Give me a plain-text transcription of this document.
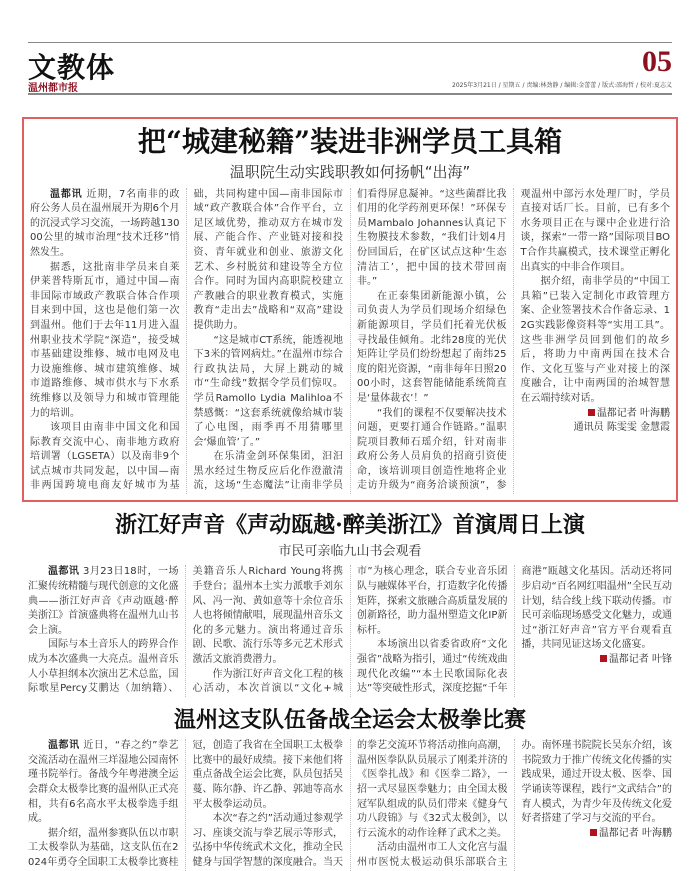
文教体
温州都市报
05
2025年3月21日 / 星期五 / 责编:林劲静 / 编辑:金蕾蕾 / 版式:邵海哲 / 校对:夏志义
把“城建秘籍”装进非洲学员工具箱
温职院生动实践职教如何扬帆“出海”

温都讯 近期，7名南非的政府公务人员在温州展开为期6个月的沉浸式学习交流，一场跨越13000公里的城市治理“技术迁移”悄然发生。

据悉，这批南非学员来自莱伊莱普特斯瓦市，通过中国—南非国际市域政产教联合体合作项目来到中国，这也是他们第一次到温州。他们于去年11月进入温州职业技术学院“深造”，接受城市基础建设维修、城市电网及电力设施维修、城市建筑维修、城市道路维修、城市供水与下水系统维修以及领导力和城市管理能力的培训。

该项目由南非中国文化和国际教育交流中心、南非地方政府培训署（LGSETA）以及南非9个试点城市共同发起，以中国—南非两国跨境电商友好城市为基础，共同构建中国—南非国际市域“政产教联合体”合作平台，立足区域优势，推动双方在城市发展、产能合作、产业链对接和投资、青年就业和创业、旅游文化艺术、乡村脱贫和建设等全方位合作。同时为国内高职院校建立产教融合的职业教育模式，实施教育“走出去”战略和“双高”建设提供助力。

“这是城市CT系统，能透视地下3米的管网病灶。”在温州市综合行政执法局，大屏上跳动的城市“生命线”数据令学员们惊叹。学员Ramollo Lydia Malihloa不禁感慨：“这套系统就像给城市装了心电图，雨季再不用猜哪里会‘爆血管’了。”

在乐清金剑环保集团，汩汩黑水经过生物反应后化作澄澈清流，这场“生态魔法”让南非学员们看得屏息凝神。“这些菌群比我们用的化学药剂更环保！”环保专员Mambalo Johannes认真记下生物膜技术参数，“我们计划4月份回国后，在矿区试点这种‘生态清洁工’，把中国的技术带回南非。”

在正泰集团新能源小镇，公司负责人为学员们现场介绍绿色新能源项目，学员们托着光伏板寻找最佳倾角。北纬28度的光伏矩阵让学员们纷纷想起了南纬25度的阳光资源，“南非每年日照2000小时，这套智能储能系统简直是‘量体裁衣’！”

“我们的课程不仅要解决技术问题，更要打通合作链路。”温职院项目教师石瑶介绍，针对南非政府公务人员肩负的招商引资使命，该培训项目创造性地将企业走访升级为“商务洽谈预演”，参观温州中部污水处理厂时，学员直接对话厂长。目前，已有多个水务项目正在与课中企业进行洽谈，探索“一带一路”国际项目BOT合作共赢模式，技术课堂正孵化出真实的中非合作项目。

据介绍，南非学员的“中国工具箱”已装入定制化市政管理方案、企业签署技术合作备忘录、12G实践影像资料等“实用工具”。这些非洲学员回到他们的故乡后，将助力中南两国在技术合作、文化互鉴与产业对接上的深度融合，让中南两国的治城智慧在云端持续对话。

温都记者 叶海鹏

通讯员 陈雯雯 金慧霞

浙江好声音《声动瓯越·醉美浙江》首演周日上演
市民可亲临九山书会观看

温都讯 3月23日18时，一场汇聚传统精髓与现代创意的文化盛典——浙江好声音《声动瓯越·醉美浙江》首演盛典将在温州九山书会上演。

国际与本土音乐人的跨界合作成为本次盛典一大亮点。温州音乐人小草担纲本次演出艺术总监，国际歌星Percy艾鹏达（加纳籍）、美籍音乐人Richard Young将携手登台；温州本土实力派歌手刘东风、冯一洵、黄如意等十余位音乐人也将倾情献唱，展现温州音乐文化的多元魅力。演出将通过音乐剧、民歌、流行乐等多元艺术形式激活文旅消费潜力。

作为浙江好声音文化工程的核心活动，本次首演以“文化+城市”为核心理念，联合专业音乐团队与融媒体平台，打造数字化传播矩阵，探索文旅融合高质量发展的创新路径，助力温州塑造文化IP新标杆。

本场演出以省委省政府“文化强省”战略为指引，通过“传统戏曲现代化改编”“本土民歌国际化表达”等突破性形式，深度挖掘“千年商港”瓯越文化基因。活动还将同步启动“百名网红唱温州”全民互动计划，结合线上线下联动传播。市民可亲临现场感受文化魅力，或通过“浙江好声音”官方平台观看直播，共同见证这场文化盛宴。

温都记者 叶锋

温州这支队伍备战全运会太极拳比赛

温都讯 近日，“春之约”拳艺交流活动在温州三垟湿地公园南怀瑾书院举行。备战今年粤港澳全运会群众太极拳比赛的温州队正式亮相，共有6名高水平太极拳选手组成。

据介绍，温州参赛队伍以市职工太极拳队为基础，这支队伍在2024年勇夺全国职工太极拳比赛桂冠，创造了我省在全国职工太极拳比赛中的最好成绩。接下来他们将重点备战全运会比赛，队员包括吴蔓、陈尔静、许乙静、郭迪等高水平太极拳运动员。

本次“春之约”活动通过参观学习、座谈交流与拳艺展示等形式，弘扬中华传统武术文化，推动全民健身与国学智慧的深度融合。当天的拳艺交流环节将活动推向高潮，温州医拳队队员展示了刚柔并济的《医拳扎战》和《医拳二路》，一招一式尽显医拳魅力；由全国太极冠军队组成的队员们带来《健身气功八段锦》与《32式太极剑》，以行云流水的动作诠释了武术之美。

活动由温州市工人文化宫与温州市医悦太极运动俱乐部联合主办。南怀瑾书院院长吴东介绍，该书院致力于推广传统文化传播的实践成果，通过开设太极、医拳、国学诵读等课程，践行“文武结合”的育人模式，为青少年及传统文化爱好者搭建了学习与交流的平台。

温都记者 叶海鹏
